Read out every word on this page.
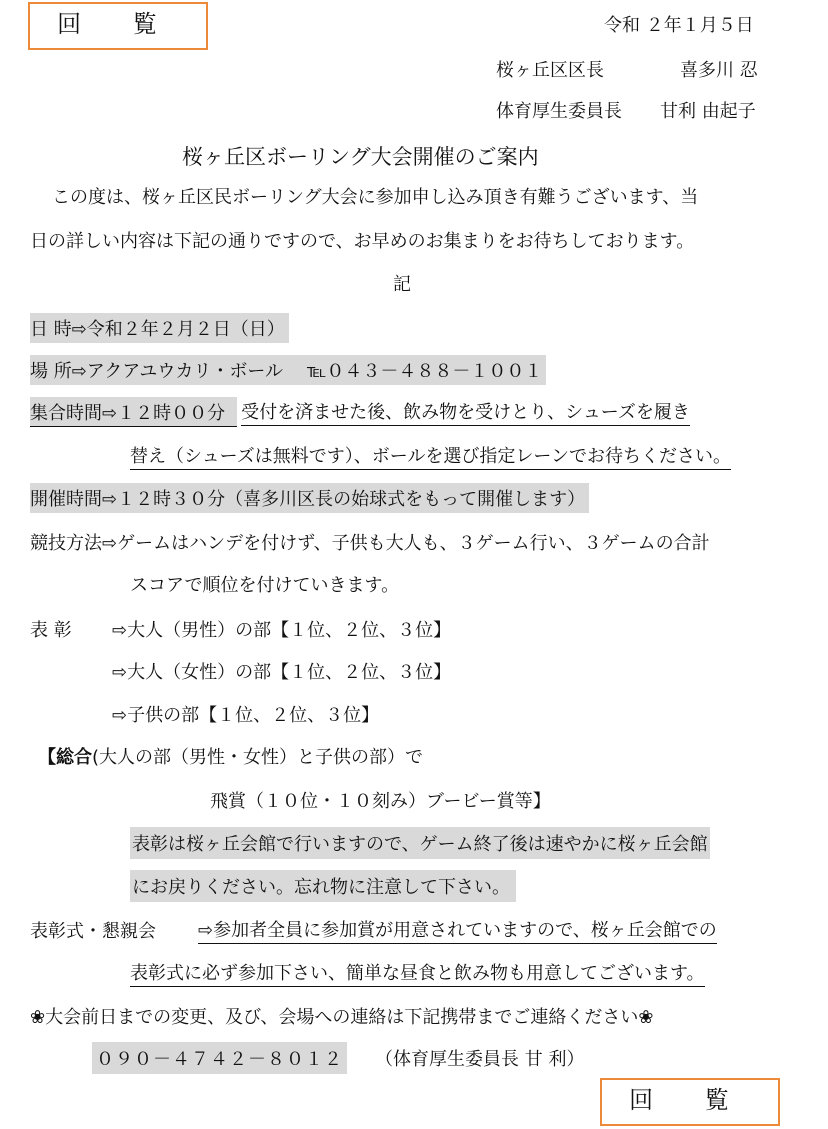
回 覧
回 覧
令和 ２年１月５日
桜ヶ丘区区長	喜多川 忍
体育厚生委員長 甘利 由起子
桜ヶ丘区ボーリング大会開催のご案内
この度は、桜ヶ丘区民ボーリング大会に参加申し込み頂き有難うございます、当
日の詳しい内容は下記の通りですので、お早めのお集まりをお待ちしております。
記
日 時⇨令和２年２月２日（日）
場 所⇨アクアユウカリ・ボール	℡０４３－４８８－１００１
集合時間⇨１２時００分 受付を済ませた後、飲み物を受けとり、シューズを履き
替え（シューズは無料です）、ボールを選び指定レーンでお待ちください。
開催時間⇨１２時３０分（喜多川区長の始球式をもって開催します）
競技方法⇨ゲームはハンデを付けず、子供も大人も、３ゲーム行い、３ゲームの合計
スコアで順位を付けていきます。
表 彰	⇨大人（男性）の部【１位、２位、３位】
⇨大人（女性）の部【１位、２位、３位】
⇨子供の部【１位、２位、３位】
【総合 (大人の部（男性・女性）と子供の部）で
飛賞（１０位・１０刻み）ブービー賞等】
表彰は桜ヶ丘会館で行いますので、ゲーム終了後は速やかに桜ヶ丘会館
にお戻りください。忘れ物に注意して下さい。
表彰式・懇親会	⇨参加者全員に参加賞が用意されていますので、桜ヶ丘会館での
表彰式に必ず参加下さい、簡単な昼食と飲み物も用意してございます。
❀大会前日までの変更、及び、会場への連絡は下記携帯までご連絡ください❀
０９０－４７４２－８０１２ （体育厚生委員長 甘 利）
